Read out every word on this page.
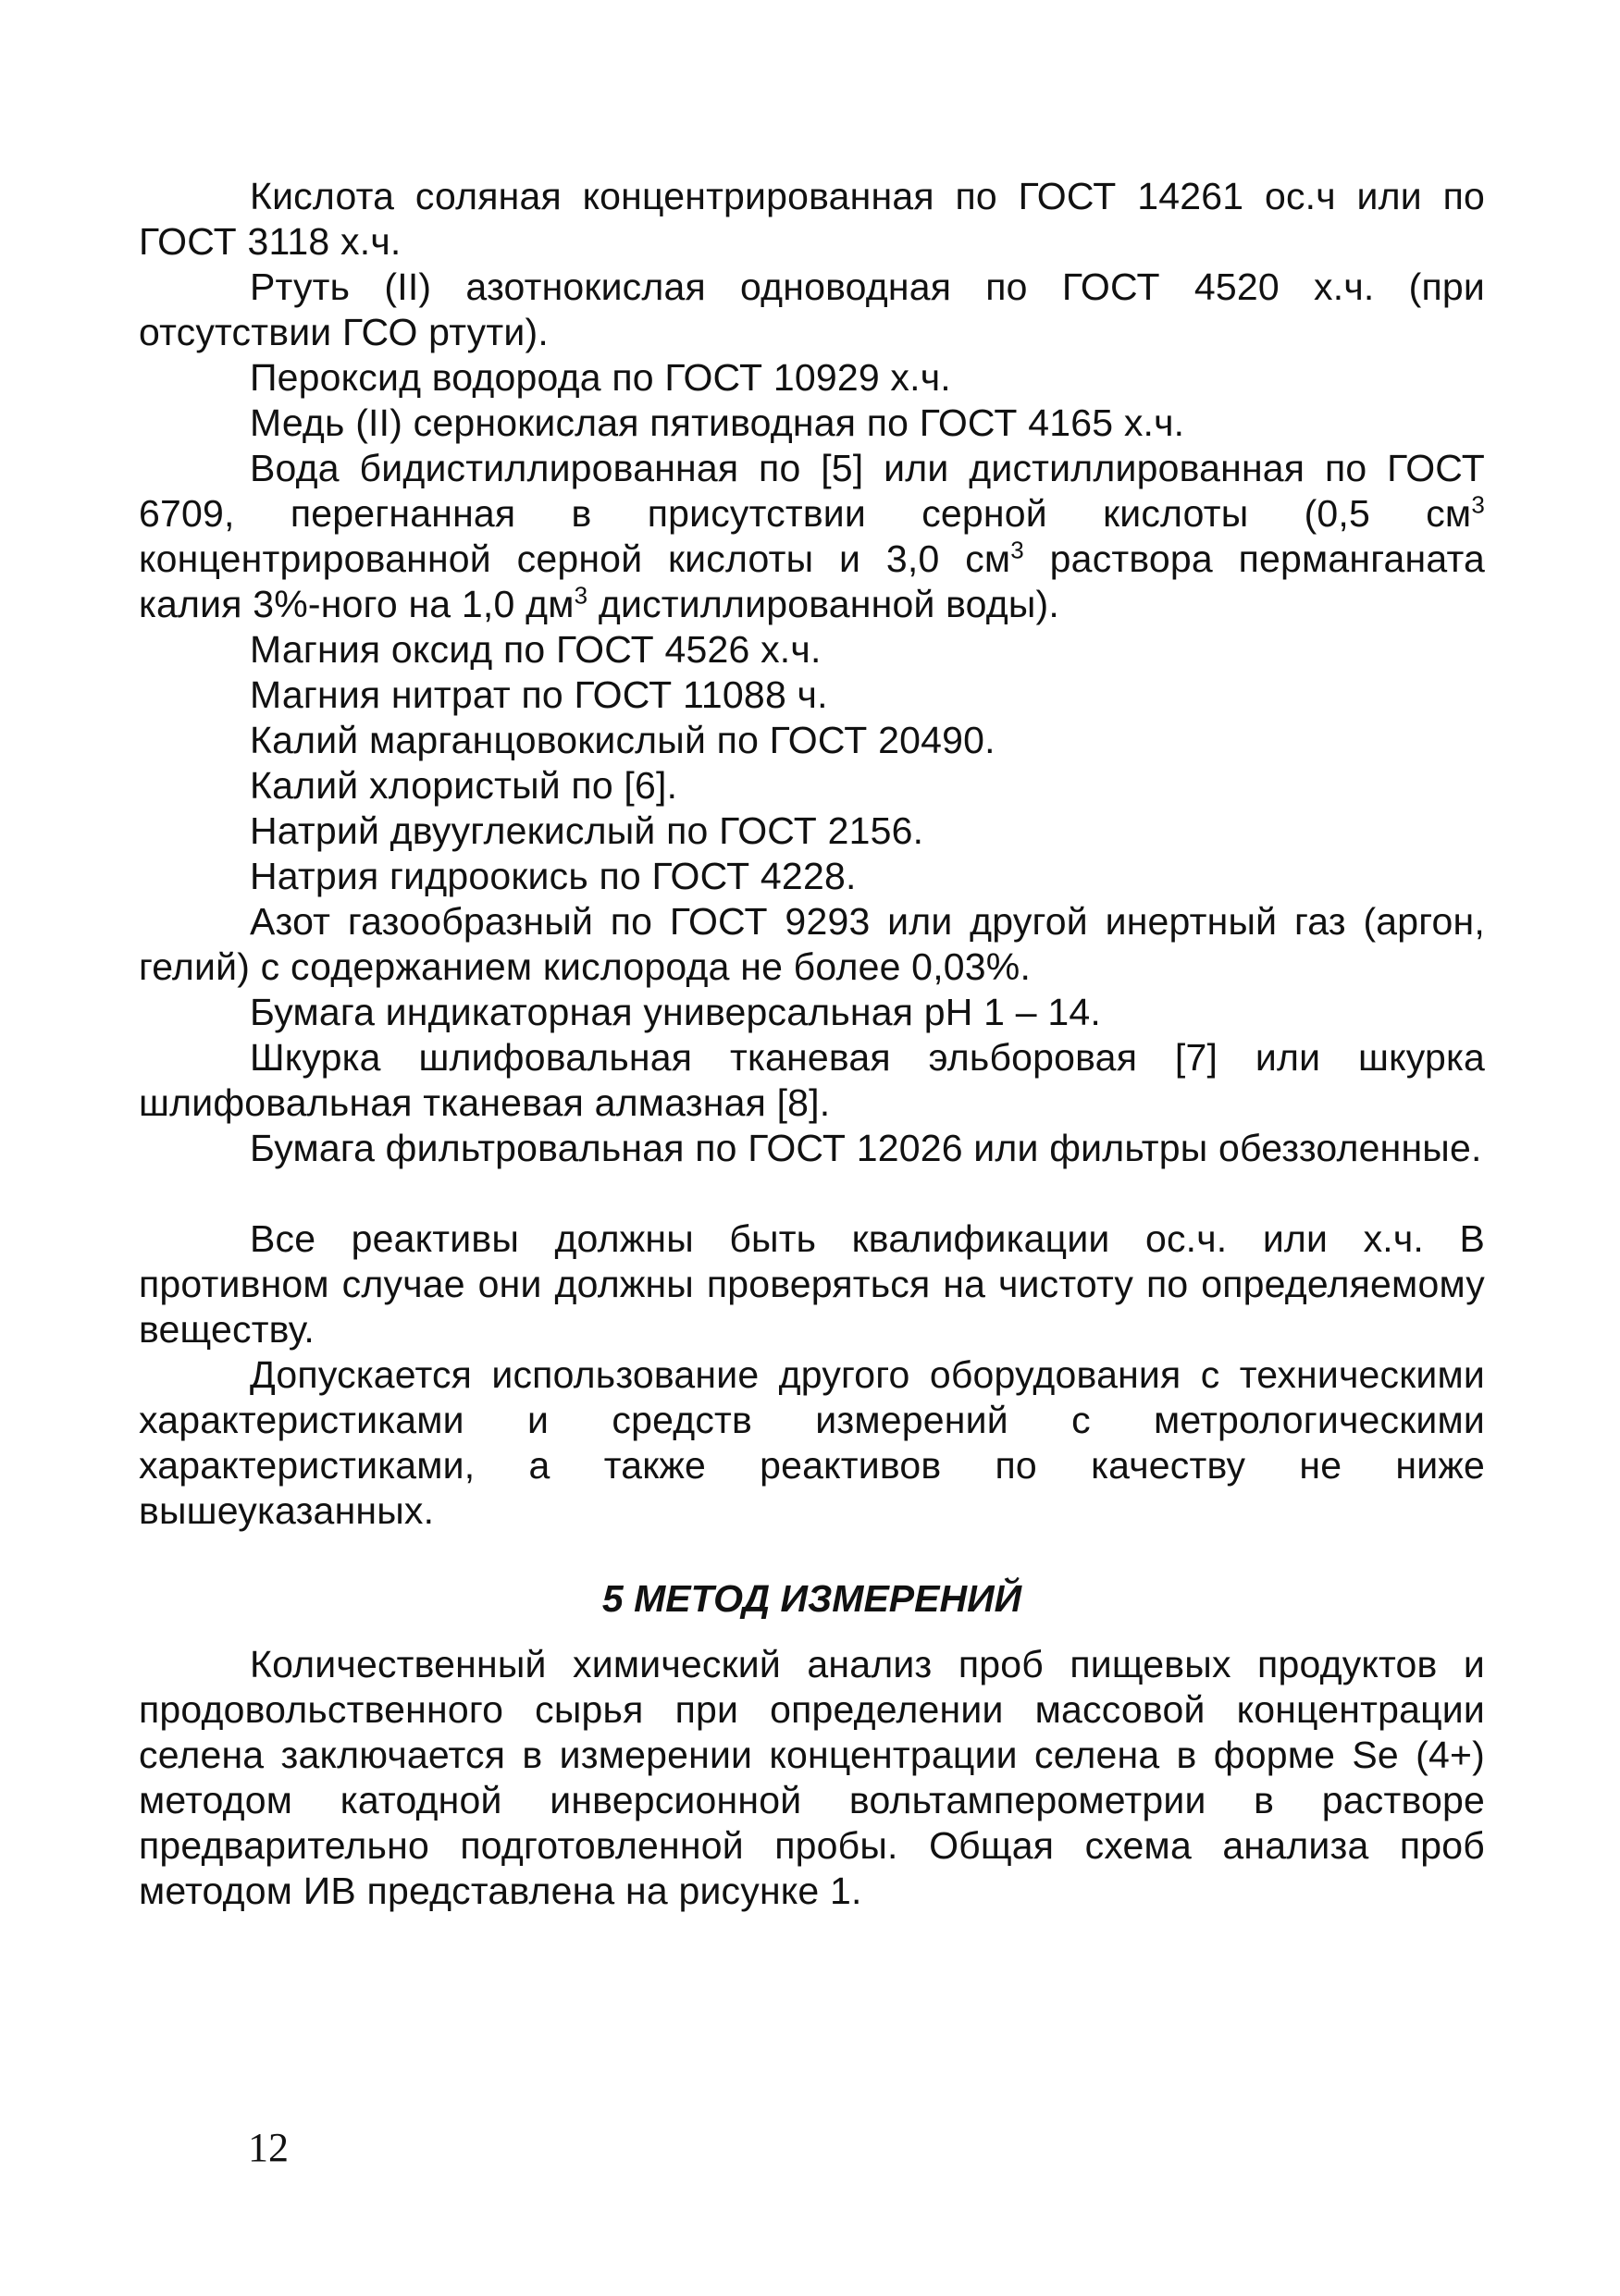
Кислота соляная концентрированная по ГОСТ 14261 ос.ч или по ГОСТ 3118 х.ч.

Ртуть (II) азотнокислая одноводная по ГОСТ 4520 х.ч. (при отсутствии ГСО ртути).

Пероксид водорода по ГОСТ 10929 х.ч.

Медь (II) сернокислая пятиводная по ГОСТ 4165 х.ч.

Вода бидистиллированная по [5] или дистиллированная по ГОСТ 6709, перегнанная в присутствии серной кислоты (0,5 $см^3$ концентрированной серной кислоты и 3,0 $см^3$ раствора перманганата калия 3%-ного на 1,0 $дм^3$ дистиллированной воды).

Магния оксид по ГОСТ 4526 х.ч.

Магния нитрат по ГОСТ 11088 ч.

Калий марганцовокислый по ГОСТ 20490.

Калий хлористый по [6].

Натрий двууглекислый по ГОСТ 2156.

Натрия гидроокись по ГОСТ 4228.

Азот газообразный по ГОСТ 9293 или другой инертный газ (аргон, гелий) с содержанием кислорода не более 0,03%.

Бумага индикаторная универсальная рН 1 – 14.

Шкурка шлифовальная тканевая эльборовая [7] или шкурка шлифовальная тканевая алмазная [8].

Бумага фильтровальная по ГОСТ 12026 или фильтры обеззоленные.

Все реактивы должны быть квалификации ос.ч. или х.ч. В противном случае они должны проверяться на чистоту по определяемому веществу.

Допускается использование другого оборудования с техническими характеристиками и средств измерений с метрологическими характеристиками, а также реактивов по качеству не ниже вышеуказанных.

5 МЕТОД ИЗМЕРЕНИЙ

Количественный химический анализ проб пищевых продуктов и продовольственного сырья при определении массовой концентрации селена заключается в измерении концентрации селена в форме Se (4+) методом катодной инверсионной вольтамперометрии в растворе предварительно подготовленной пробы. Общая схема анализа проб методом ИВ представлена на рисунке 1.

12
